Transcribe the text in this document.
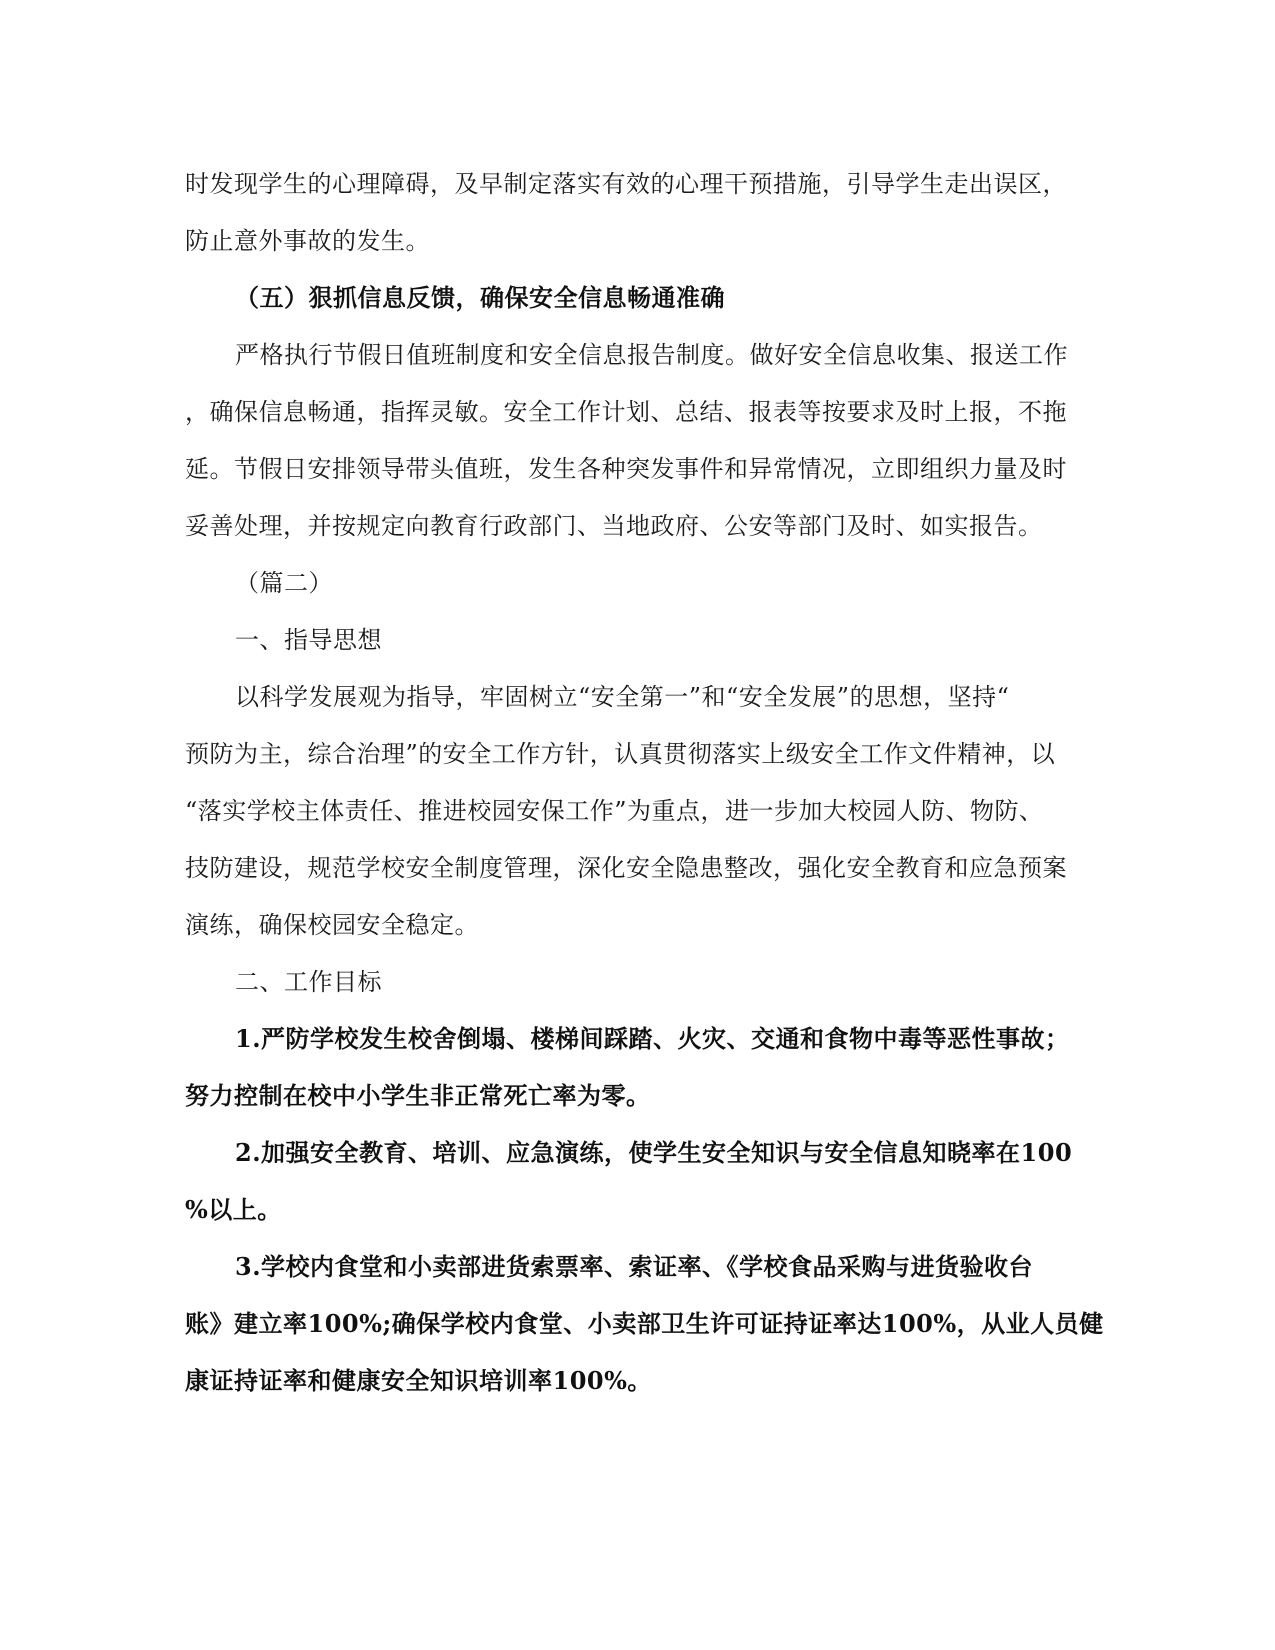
时发现学生的心理障碍，及早制定落实有效的心理干预措施，引导学生走出误区，
防止意外事故的发生。
（五）狠抓信息反馈，确保安全信息畅通准确
严格执行节假日值班制度和安全信息报告制度。做好安全信息收集、报送工作
，确保信息畅通，指挥灵敏。安全工作计划、总结、报表等按要求及时上报，不拖
延。节假日安排领导带头值班，发生各种突发事件和异常情况，立即组织力量及时
妥善处理，并按规定向教育行政部门、当地政府、公安等部门及时、如实报告。
（篇二）
一、指导思想
以科学发展观为指导，牢固树立“安全第一”和“安全发展”的思想，坚持“
预防为主，综合治理”的安全工作方针，认真贯彻落实上级安全工作文件精神，以
“落实学校主体责任、推进校园安保工作”为重点，进一步加大校园人防、物防、
技防建设，规范学校安全制度管理，深化安全隐患整改，强化安全教育和应急预案
演练，确保校园安全稳定。
二、工作目标
1.严防学校发生校舍倒塌、楼梯间踩踏、火灾、交通和食物中毒等恶性事故；
努力控制在校中小学生非正常死亡率为零。
2.加强安全教育、培训、应急演练，使学生安全知识与安全信息知晓率在100
%以上。
3.学校内食堂和小卖部进货索票率、索证率、《学校食品采购与进货验收台
账》建立率100%;确保学校内食堂、小卖部卫生许可证持证率达100%，从业人员健
康证持证率和健康安全知识培训率100%。
